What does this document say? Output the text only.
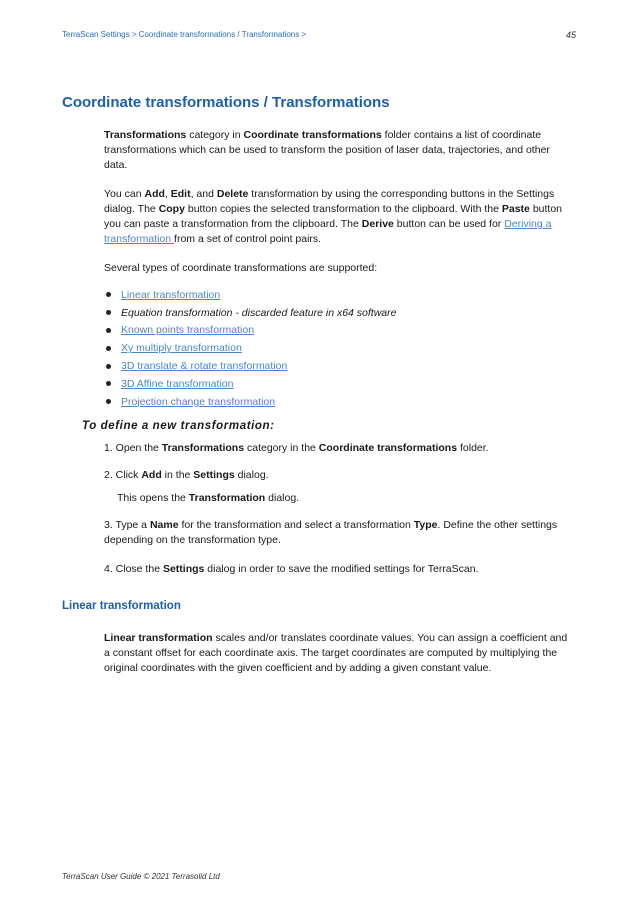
TerraScan Settings > Coordinate transformations / Transformations >	45
Coordinate transformations / Transformations

Transformations category in Coordinate transformations folder contains a list of coordinate transformations which can be used to transform the position of laser data, trajectories, and other data.

You can Add, Edit, and Delete transformation by using the corresponding buttons in the Settings dialog. The Copy button copies the selected transformation to the clipboard. With the Paste button you can paste a transformation from the clipboard. The Derive button can be used for Deriving a transformation from a set of control point pairs.

Several types of coordinate transformations are supported:
Linear transformation
Equation transformation - discarded feature in x64 software
Known points transformation
Xy multiply transformation
3D translate & rotate transformation
3D Affine transformation
Projection change transformation
To define a new transformation:
1. Open the Transformations category in the Coordinate transformations folder.
2. Click Add in the Settings dialog.
This opens the Transformation dialog.
3. Type a Name for the transformation and select a transformation Type. Define the other settings depending on the transformation type.
4. Close the Settings dialog in order to save the modified settings for TerraScan.
Linear transformation
Linear transformation scales and/or translates coordinate values. You can assign a coefficient and a constant offset for each coordinate axis. The target coordinates are computed by multiplying the original coordinates with the given coefficient and by adding a given constant value.
TerraScan User Guide © 2021 Terrasolid Ltd
